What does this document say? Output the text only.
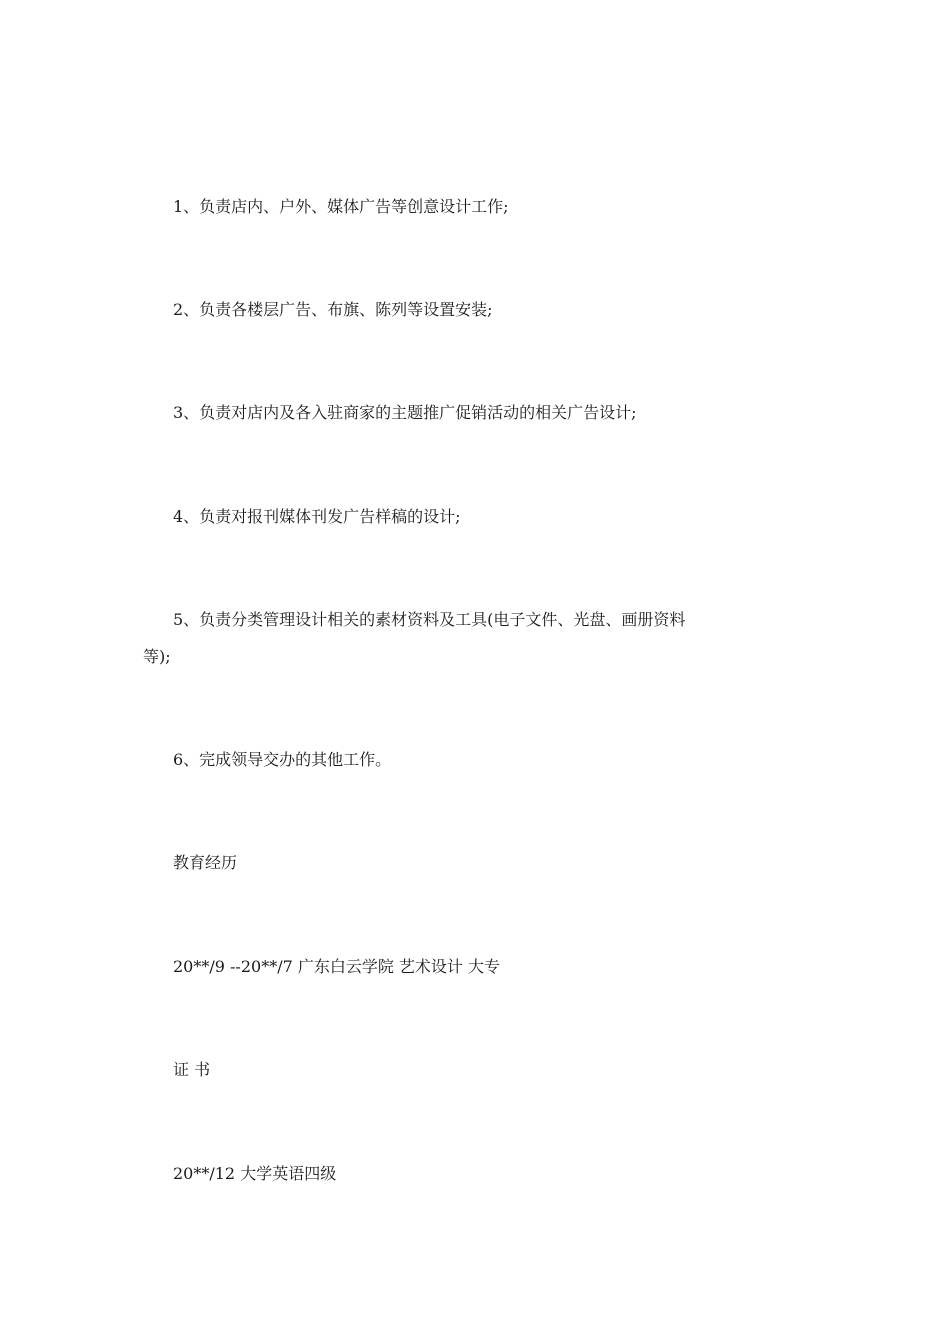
1、负责店内、户外、媒体广告等创意设计工作;

2、负责各楼层广告、布旗、陈列等设置安装;

3、负责对店内及各入驻商家的主题推广促销活动的相关广告设计;

4、负责对报刊媒体刊发广告样稿的设计;

5、负责分类管理设计相关的素材资料及工具(电子文件、光盘、画册资料

等);

6、完成领导交办的其他工作。

教育经历

20**/9 --20**/7 广东白云学院 艺术设计 大专

证 书

20**/12 大学英语四级
